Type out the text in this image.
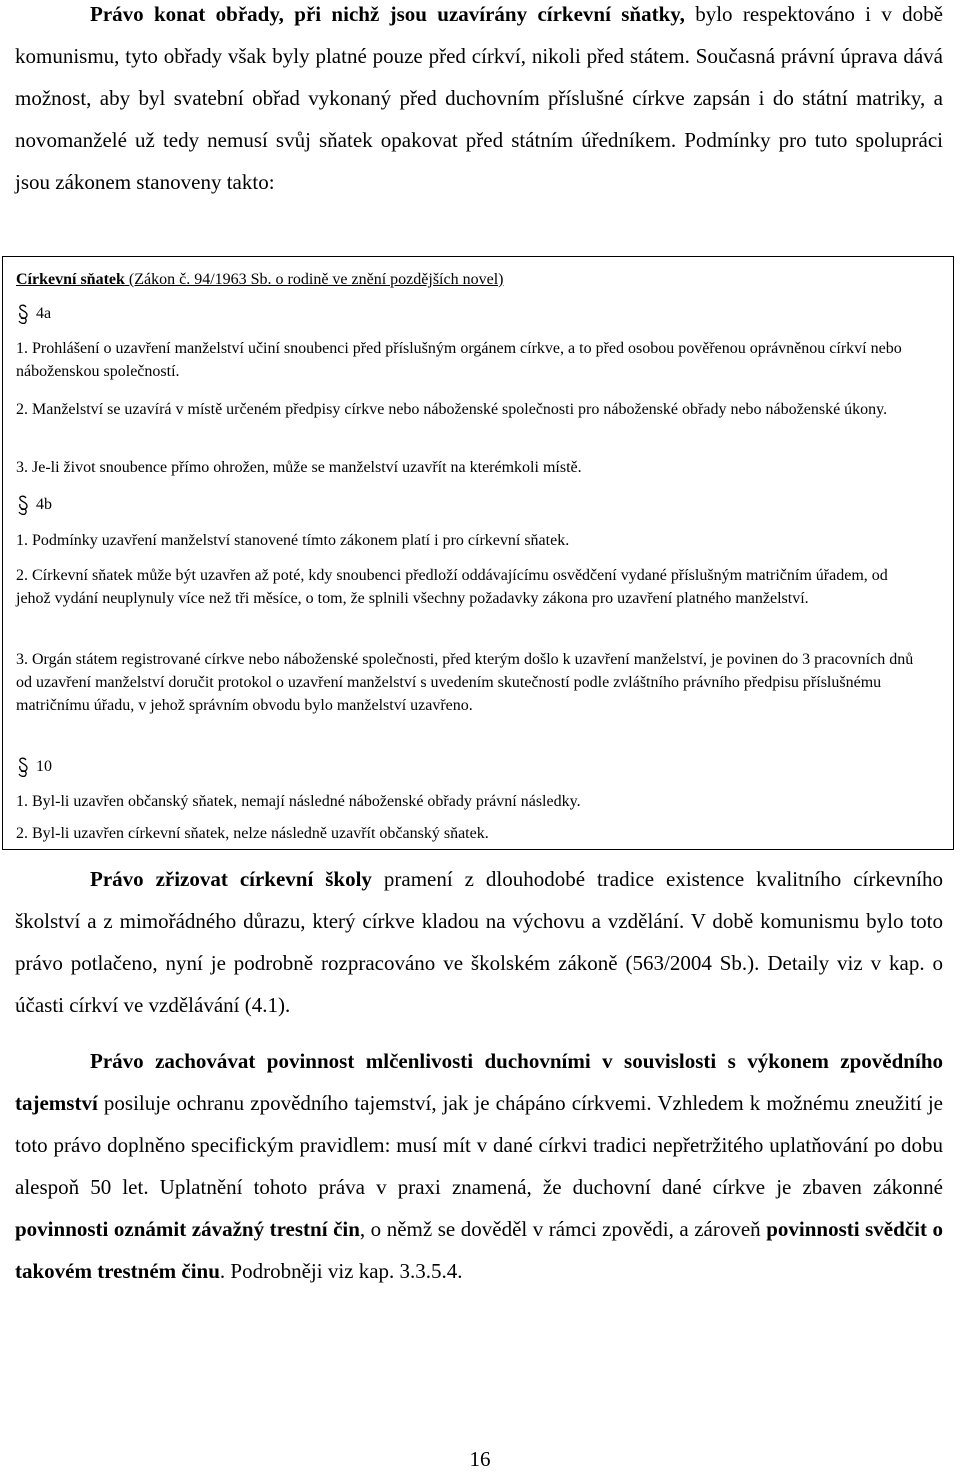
Právo konat obřady, při nichž jsou uzavírány církevní sňatky, bylo respektováno i v době komunismu, tyto obřady však byly platné pouze před církví, nikoli před státem. Současná právní úprava dává možnost, aby byl svatební obřad vykonaný před duchovním příslušné církve zapsán i do státní matriky, a novomanželé už tedy nemusí svůj sňatek opakovat před státním úředníkem. Podmínky pro tuto spolupráci jsou zákonem stanoveny takto:

Církevní sňatek (Zákon č. 94/1963 Sb. o rodině ve znění pozdějších novel)

4a

1. Prohlášení o uzavření manželství učiní snoubenci před příslušným orgánem církve, a to před osobou pověřenou oprávněnou církví nebo náboženskou společností.

2. Manželství se uzavírá v místě určeném předpisy církve nebo náboženské společnosti pro náboženské obřady nebo náboženské úkony.

3. Je-li život snoubence přímo ohrožen, může se manželství uzavřít na kterémkoli místě.

4b

1. Podmínky uzavření manželství stanovené tímto zákonem platí i pro církevní sňatek.

2. Církevní sňatek může být uzavřen až poté, kdy snoubenci předloží oddávajícímu osvědčení vydané příslušným matričním úřadem, od jehož vydání neuplynuly více než tři měsíce, o tom, že splnili všechny požadavky zákona pro uzavření platného manželství.

3. Orgán státem registrované církve nebo náboženské společnosti, před kterým došlo k uzavření manželství, je povinen do 3 pracovních dnů od uzavření manželství doručit protokol o uzavření manželství s uvedením skutečností podle zvláštního právního předpisu příslušnému matričnímu úřadu, v jehož správním obvodu bylo manželství uzavřeno.

10

1. Byl-li uzavřen občanský sňatek, nemají následné náboženské obřady právní následky.

2. Byl-li uzavřen církevní sňatek, nelze následně uzavřít občanský sňatek.

Právo zřizovat církevní školy pramení z dlouhodobé tradice existence kvalitního církevního školství a z mimořádného důrazu, který církve kladou na výchovu a vzdělání. V době komunismu bylo toto právo potlačeno, nyní je podrobně rozpracováno ve školském zákoně (563/2004 Sb.). Detaily viz v kap. o účasti církví ve vzdělávání (4.1).

Právo zachovávat povinnost mlčenlivosti duchovními v souvislosti s výkonem zpovědního tajemství posiluje ochranu zpovědního tajemství, jak je chápáno církvemi. Vzhledem k možnému zneužití je toto právo doplněno specifickým pravidlem: musí mít v dané církvi tradici nepřetržitého uplatňování po dobu alespoň 50 let. Uplatnění tohoto práva v praxi znamená, že duchovní dané církve je zbaven zákonné povinnosti oznámit závažný trestní čin, o němž se dověděl v rámci zpovědi, a zároveň povinnosti svědčit o takovém trestném činu. Podrobněji viz kap. 3.3.5.4.

16
